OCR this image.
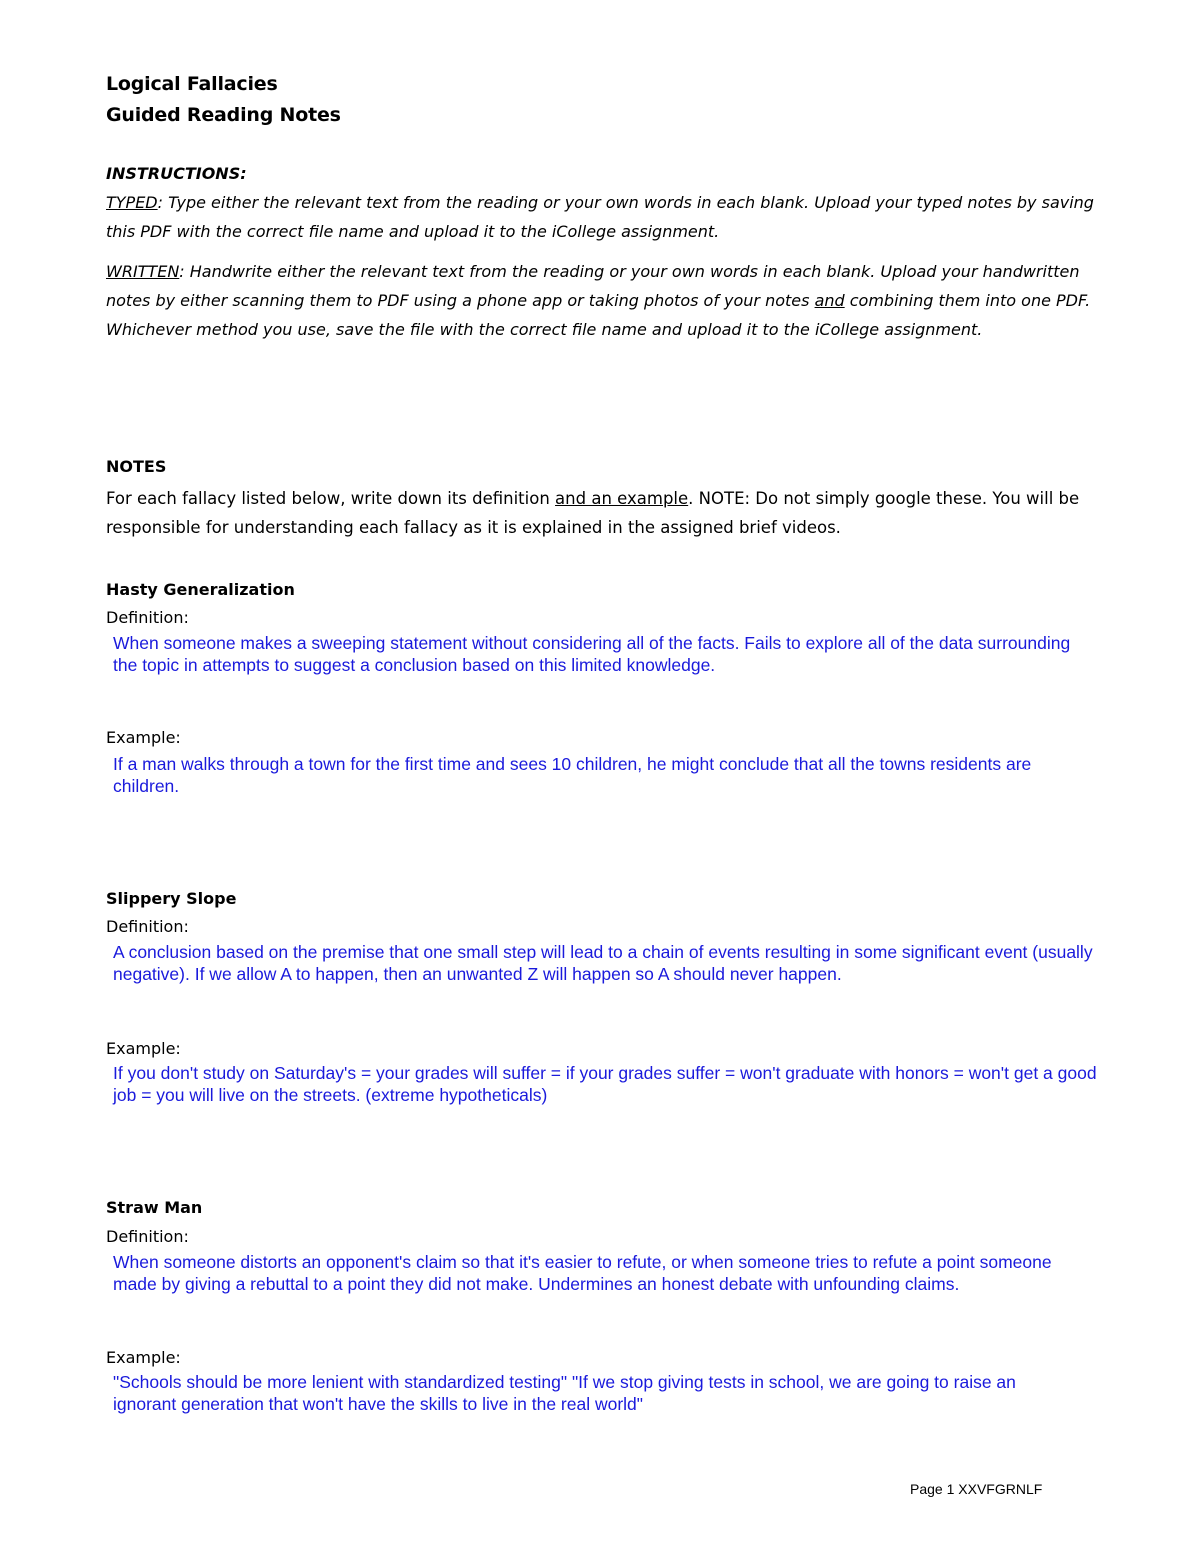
Logical Fallacies
Guided Reading Notes
INSTRUCTIONS:

TYPED: Type either the relevant text from the reading or your own words in each blank. Upload your typed notes by saving this PDF with the correct file name and upload it to the iCollege assignment.

WRITTEN: Handwrite either the relevant text from the reading or your own words in each blank. Upload your handwritten notes by either scanning them to PDF using a phone app or taking photos of your notes and combining them into one PDF. Whichever method you use, save the file with the correct file name and upload it to the iCollege assignment.

NOTES

For each fallacy listed below, write down its definition and an example. NOTE: Do not simply google these. You will be responsible for understanding each fallacy as it is explained in the assigned brief videos.

Hasty Generalization
Definition:
When someone makes a sweeping statement without considering all of the facts. Fails to explore all of the data surrounding the topic in attempts to suggest a conclusion based on this limited knowledge.
Example:
If a man walks through a town for the first time and sees 10 children, he might conclude that all the towns residents are children.
Slippery Slope
Definition:
A conclusion based on the premise that one small step will lead to a chain of events resulting in some significant event (usually negative). If we allow A to happen, then an unwanted Z will happen so A should never happen.
Example:
If you don't study on Saturday's = your grades will suffer = if your grades suffer = won't graduate with honors = won't get a good job = you will live on the streets. (extreme hypotheticals)
Straw Man
Definition:
When someone distorts an opponent's claim so that it's easier to refute, or when someone tries to refute a point someone made by giving a rebuttal to a point they did not make. Undermines an honest debate with unfounding claims.
Example:
"Schools should be more lenient with standardized testing" "If we stop giving tests in school, we are going to raise an ignorant generation that won't have the skills to live in the real world"
Page 1 XXVFGRNLF
